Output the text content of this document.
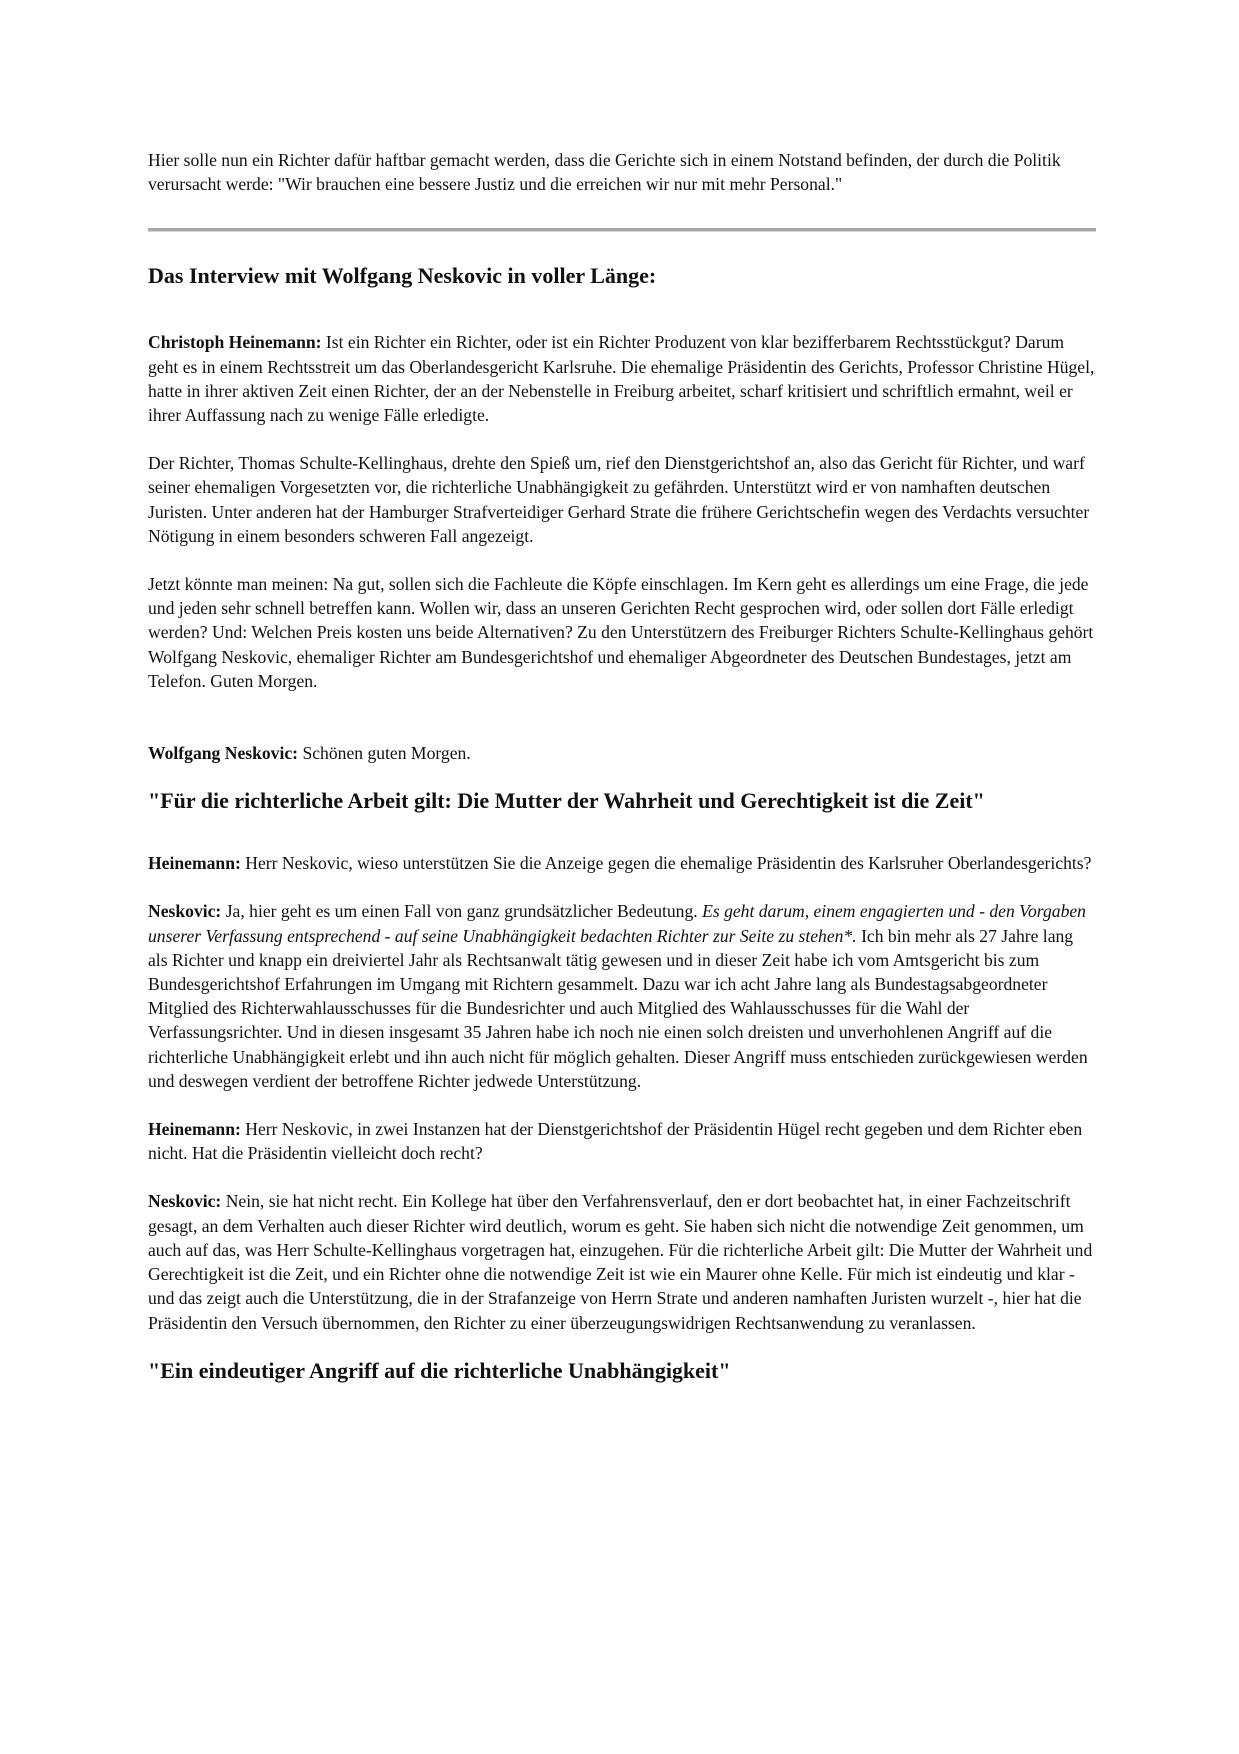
Hier solle nun ein Richter dafür haftbar gemacht werden, dass die Gerichte sich in einem Notstand befinden, der durch die Politik verursacht werde: "Wir brauchen eine bessere Justiz und die erreichen wir nur mit mehr Personal."

Das Interview mit Wolfgang Neskovic in voller Länge:

Christoph Heinemann: Ist ein Richter ein Richter, oder ist ein Richter Produzent von klar bezifferbarem Rechtsstückgut? Darum geht es in einem Rechtsstreit um das Oberlandesgericht Karlsruhe. Die ehemalige Präsidentin des Gerichts, Professor Christine Hügel, hatte in ihrer aktiven Zeit einen Richter, der an der Nebenstelle in Freiburg arbeitet, scharf kritisiert und schriftlich ermahnt, weil er ihrer Auffassung nach zu wenige Fälle erledigte.

Der Richter, Thomas Schulte-Kellinghaus, drehte den Spieß um, rief den Dienstgerichtshof an, also das Gericht für Richter, und warf seiner ehemaligen Vorgesetzten vor, die richterliche Unabhängigkeit zu gefährden. Unterstützt wird er von namhaften deutschen Juristen. Unter anderen hat der Hamburger Strafverteidiger Gerhard Strate die frühere Gerichtschefin wegen des Verdachts versuchter Nötigung in einem besonders schweren Fall angezeigt.

Jetzt könnte man meinen: Na gut, sollen sich die Fachleute die Köpfe einschlagen. Im Kern geht es allerdings um eine Frage, die jede und jeden sehr schnell betreffen kann. Wollen wir, dass an unseren Gerichten Recht gesprochen wird, oder sollen dort Fälle erledigt werden? Und: Welchen Preis kosten uns beide Alternativen? Zu den Unterstützern des Freiburger Richters Schulte-Kellinghaus gehört Wolfgang Neskovic, ehemaliger Richter am Bundesgerichtshof und ehemaliger Abgeordneter des Deutschen Bundestages, jetzt am Telefon. Guten Morgen.

Wolfgang Neskovic: Schönen guten Morgen.

"Für die richterliche Arbeit gilt: Die Mutter der Wahrheit und Gerechtigkeit ist die Zeit"

Heinemann: Herr Neskovic, wieso unterstützen Sie die Anzeige gegen die ehemalige Präsidentin des Karlsruher Oberlandesgerichts?

Neskovic: Ja, hier geht es um einen Fall von ganz grundsätzlicher Bedeutung. Es geht darum, einem engagierten und - den Vorgaben unserer Verfassung entsprechend - auf seine Unabhängigkeit bedachten Richter zur Seite zu stehen*. Ich bin mehr als 27 Jahre lang als Richter und knapp ein dreiviertel Jahr als Rechtsanwalt tätig gewesen und in dieser Zeit habe ich vom Amtsgericht bis zum Bundesgerichtshof Erfahrungen im Umgang mit Richtern gesammelt. Dazu war ich acht Jahre lang als Bundestagsabgeordneter Mitglied des Richterwahlausschusses für die Bundesrichter und auch Mitglied des Wahlausschusses für die Wahl der Verfassungsrichter. Und in diesen insgesamt 35 Jahren habe ich noch nie einen solch dreisten und unverhohlenen Angriff auf die richterliche Unabhängigkeit erlebt und ihn auch nicht für möglich gehalten. Dieser Angriff muss entschieden zurückgewiesen werden und deswegen verdient der betroffene Richter jedwede Unterstützung.

Heinemann: Herr Neskovic, in zwei Instanzen hat der Dienstgerichtshof der Präsidentin Hügel recht gegeben und dem Richter eben nicht. Hat die Präsidentin vielleicht doch recht?

Neskovic: Nein, sie hat nicht recht. Ein Kollege hat über den Verfahrensverlauf, den er dort beobachtet hat, in einer Fachzeitschrift gesagt, an dem Verhalten auch dieser Richter wird deutlich, worum es geht. Sie haben sich nicht die notwendige Zeit genommen, um auch auf das, was Herr Schulte-Kellinghaus vorgetragen hat, einzugehen. Für die richterliche Arbeit gilt: Die Mutter der Wahrheit und Gerechtigkeit ist die Zeit, und ein Richter ohne die notwendige Zeit ist wie ein Maurer ohne Kelle. Für mich ist eindeutig und klar - und das zeigt auch die Unterstützung, die in der Strafanzeige von Herrn Strate und anderen namhaften Juristen wurzelt -, hier hat die Präsidentin den Versuch übernommen, den Richter zu einer überzeugungswidrigen Rechtsanwendung zu veranlassen.

"Ein eindeutiger Angriff auf die richterliche Unabhängigkeit"
